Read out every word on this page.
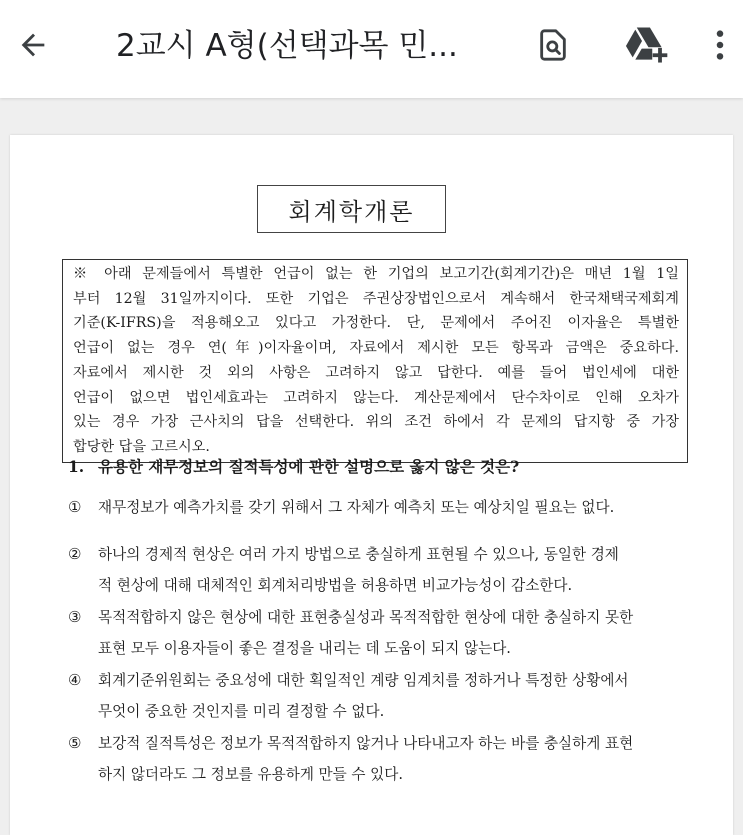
2교시 A형(선택과목 민...
회계학개론
※ 아래 문제들에서 특별한 언급이 없는 한 기업의 보고기간(회계기간)은 매년 1월 1일
부터 12월 31일까지이다. 또한 기업은 주권상장법인으로서 계속해서 한국채택국제회계
기준(K-IFRS)을 적용해오고 있다고 가정한다. 단, 문제에서 주어진 이자율은 특별한
언급이 없는 경우 연(年)이자율이며, 자료에서 제시한 모든 항목과 금액은 중요하다.
자료에서 제시한 것 외의 사항은 고려하지 않고 답한다. 예를 들어 법인세에 대한
언급이 없으면 법인세효과는 고려하지 않는다. 계산문제에서 단수차이로 인해 오차가
있는 경우 가장 근사치의 답을 선택한다. 위의 조건 하에서 각 문제의 답지항 중 가장
합당한 답을 고르시오.
1. 유용한 재무정보의 질적특성에 관한 설명으로 옳지 않은 것은?
① 재무정보가 예측가치를 갖기 위해서 그 자체가 예측치 또는 예상치일 필요는 없다.
② 하나의 경제적 현상은 여러 가지 방법으로 충실하게 표현될 수 있으나, 동일한 경제
적 현상에 대해 대체적인 회계처리방법을 허용하면 비교가능성이 감소한다.
③ 목적적합하지 않은 현상에 대한 표현충실성과 목적적합한 현상에 대한 충실하지 못한
표현 모두 이용자들이 좋은 결정을 내리는 데 도움이 되지 않는다.
④ 회계기준위원회는 중요성에 대한 획일적인 계량 임계치를 정하거나 특정한 상황에서
무엇이 중요한 것인지를 미리 결정할 수 없다.
⑤ 보강적 질적특성은 정보가 목적적합하지 않거나 나타내고자 하는 바를 충실하게 표현
하지 않더라도 그 정보를 유용하게 만들 수 있다.
